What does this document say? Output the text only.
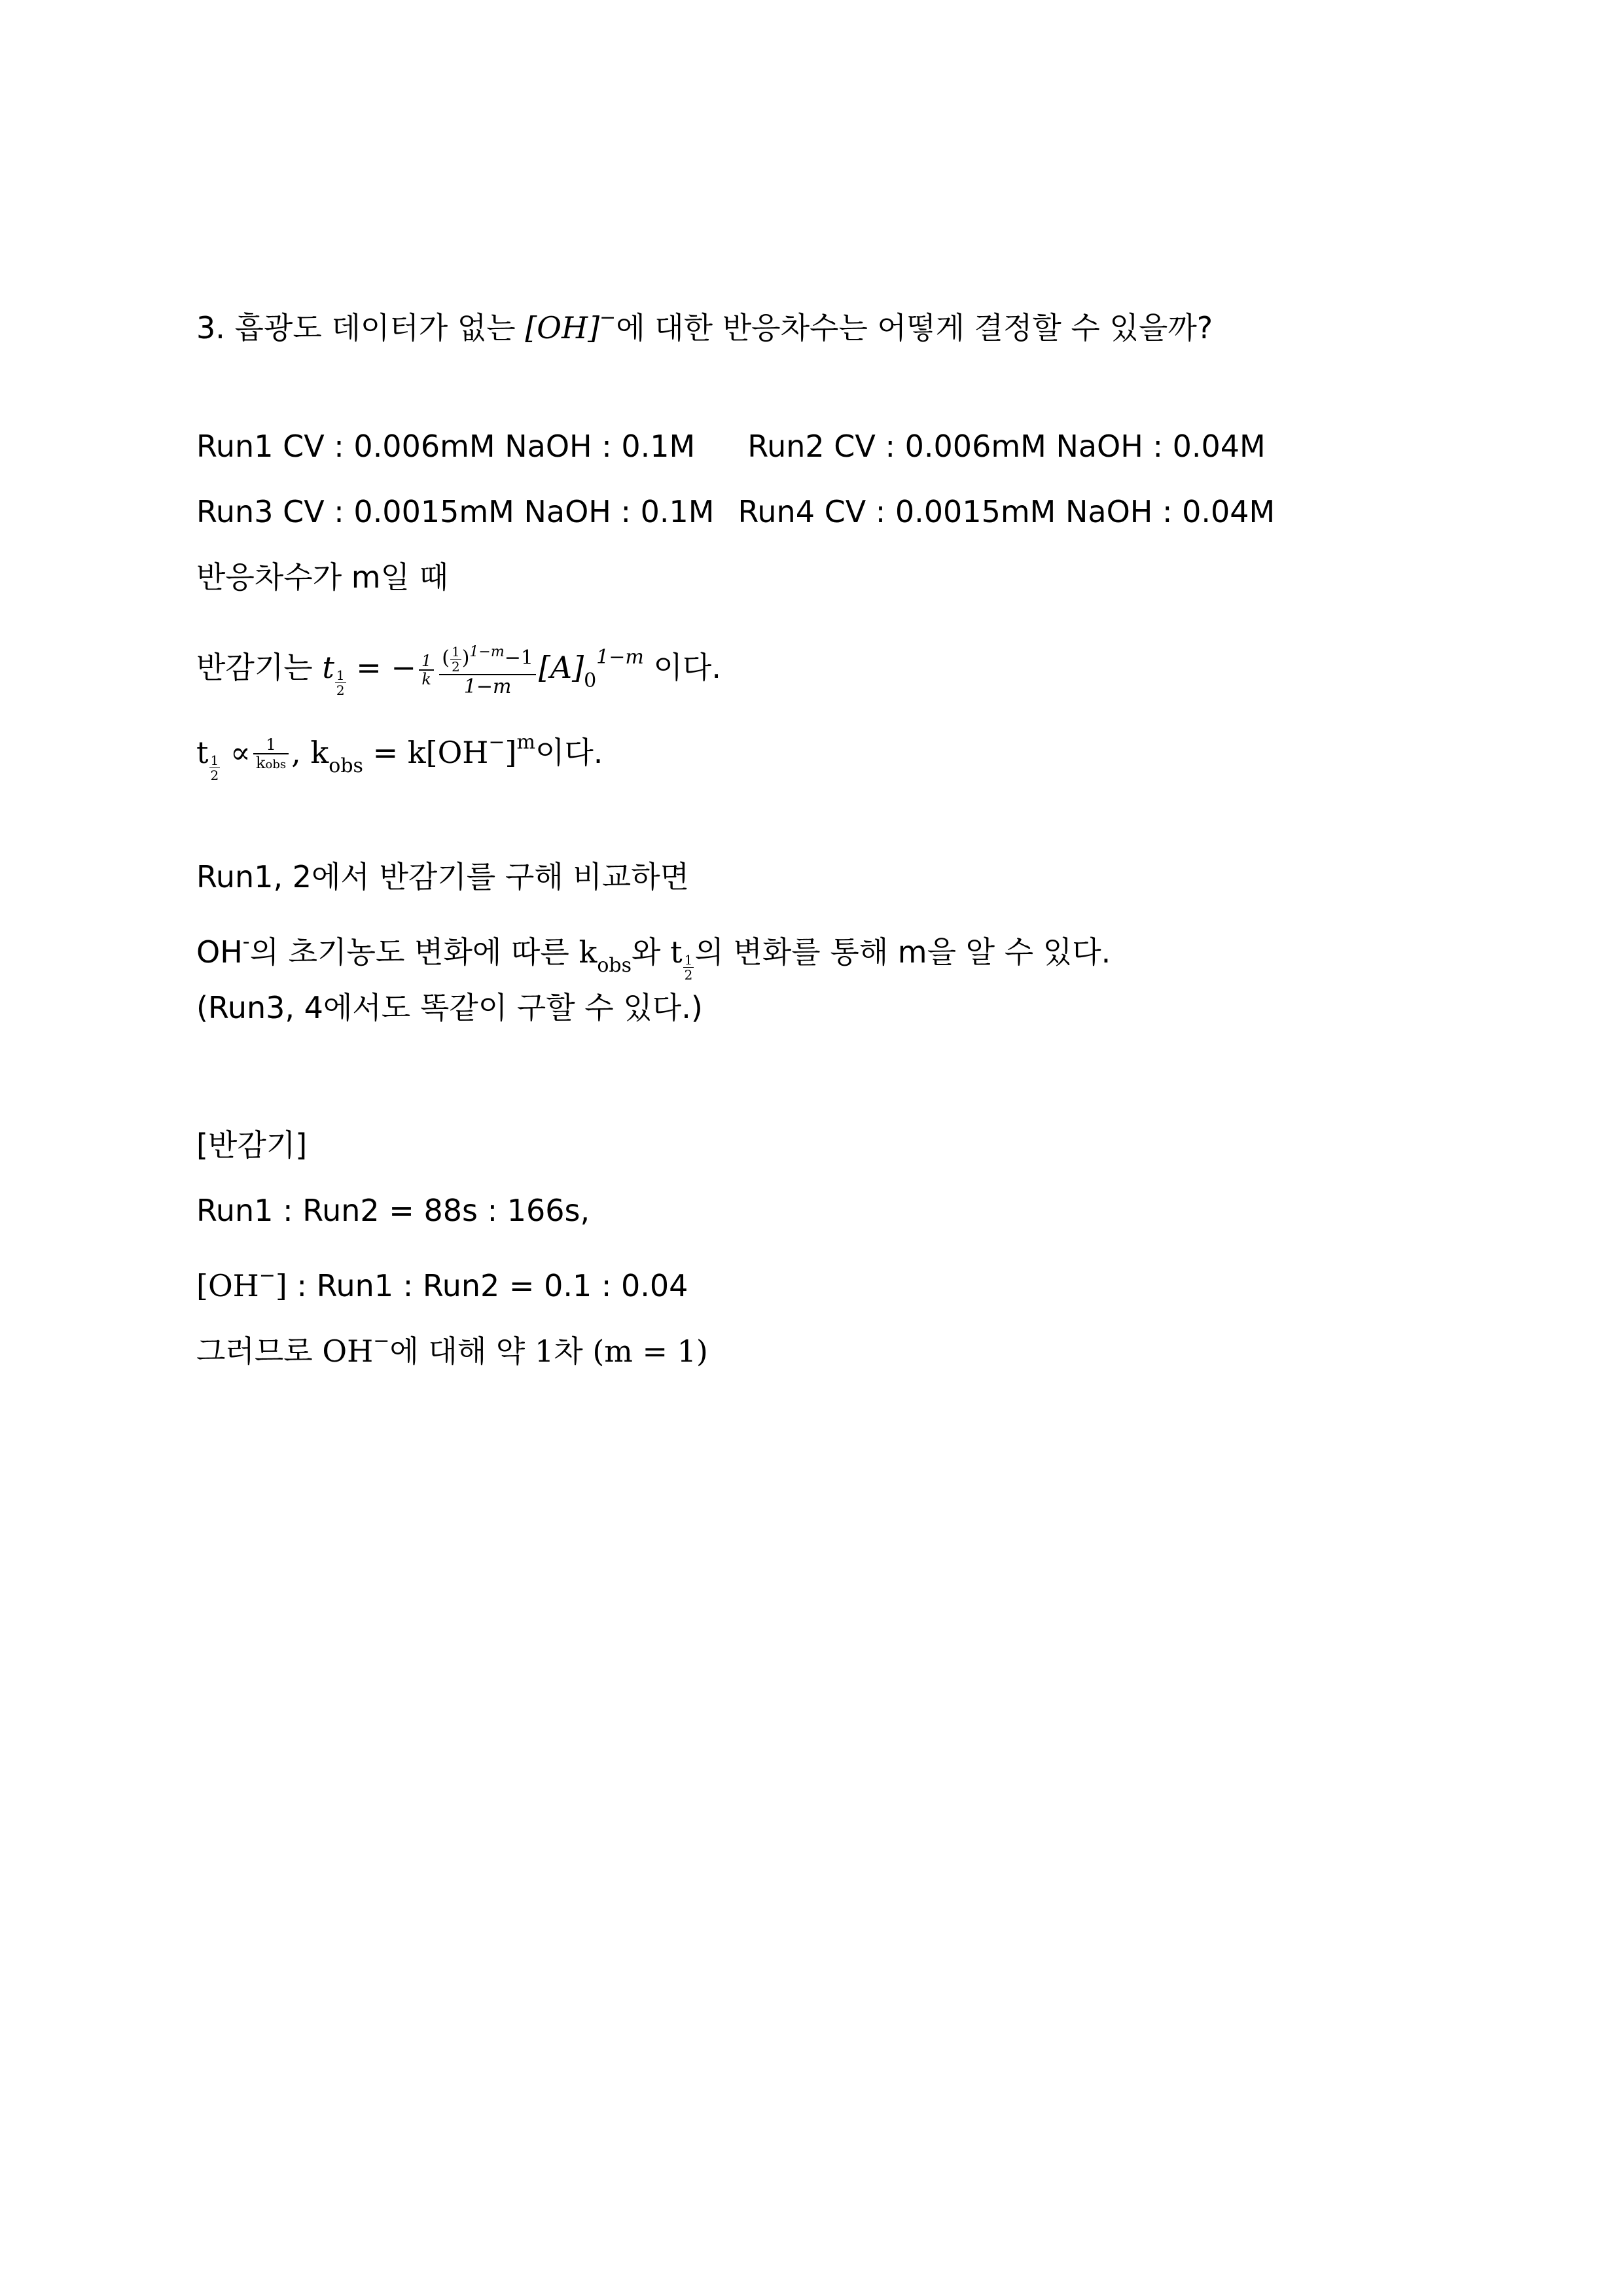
3. 흡광도 데이터가 없는 [OH]−에 대한 반응차수는 어떻게 결정할 수 있을까?
Run1 CV : 0.006mM NaOH : 0.1M Run2 CV : 0.006mM NaOH : 0.04M
Run3 CV : 0.0015mM NaOH : 0.1M Run4 CV : 0.0015mM NaOH : 0.04M
반응차수가 m일 때
반감기는 t $\frac{1}{2}$ = − $\frac{1}{k} \frac{( \frac{1}{2} )^{1-m}-1}{1-m} [A]_0^{1-m}$ 이다.
t $\frac{1}{2} \propto \frac{1}{\text{kobs}}$ , $k_{obs} = k[OH^-]^m$이다.
Run1, 2에서 반감기를 구해 비교하면
OH-의 초기농도 변화에 따른 $k_{obs}$와 t $\frac{1}{2}$ 의 변화를 통해 m을 알 수 있다.
(Run3, 4에서도 똑같이 구할 수 있다.)
[반감기]
Run1 : Run2 = 88s : 166s,
[OH−] : Run1 : Run2 = 0.1 : 0.04
그러므로 OH−에 대해 약 1차 (m = 1)
